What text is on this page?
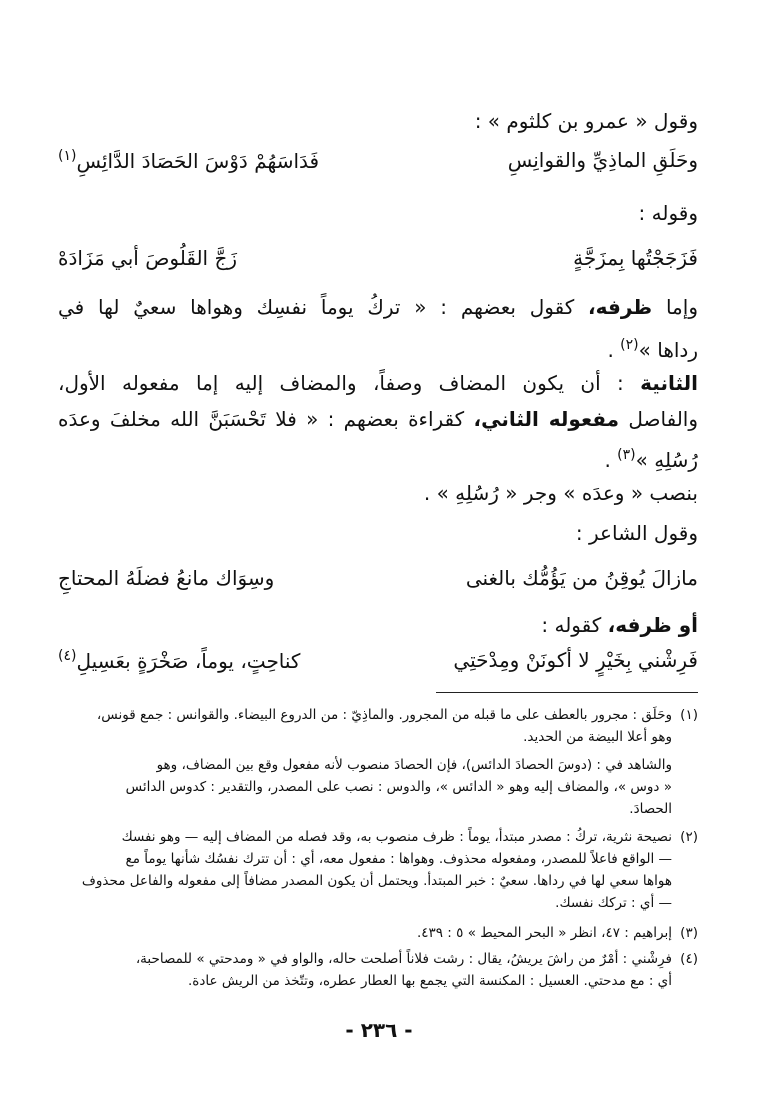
وقول « عمرو بن كلثوم » :
وحَلَقِ الماذِيِّ والقوانِسِ
فَدَاسَهُمْ دَوْسَ الحَصَادَ الدَّائِسِ$^{(١)}$
وقوله :
فَزَجَجْتُها بِمزَجَّةٍ
زَجَّ القَلُوصَ أبي مَزَادَهْ
وإما ظرفه، كقول بعضهم : « تركُ يوماً نفسِك وهواها سعيٌ لها في
رداها »$^{(٢)}$ .
الثانية : أن يكون المضاف وصفاً، والمضاف إليه إما مفعوله الأول،
والفاصل مفعوله الثاني، كقراءة بعضهم : « فلا تَحْسَبَنَّ الله مخلفَ وعدَه
رُسُلِهِ »$^{(٣)}$ .
بنصب « وعدَه » وجر « رُسُلِهِ » .
وقول الشاعر :
مازالَ يُوقِنُ من يَؤُمُّك بالغنى
وسِوَاك مانعُ فضلَهُ المحتاجِ
أو ظرفه، كقوله :
فَرِشْني بِخَيْرٍ لا أكونَنْ ومِدْحَتِي
كناحِتٍ، يوماً، صَخْرَةٍ بعَسِيلِ$^{(٤)}$
(١)وحَلَق : مجرور بالعطف على ما قبله من المجرور. والماذِيّ : من الدروع البيضاء. والقوانس : جمع قونس،
وهو أعلا البيضة من الحديد.
والشاهد في : (دوسَ الحصادَ الدائس)، فإن الحصادَ منصوب لأنه مفعول وقع بين المضاف، وهو
« دوس »، والمضاف إليه وهو « الدائس »، والدوس : نصب على المصدر، والتقدير : كدوس الدائس
الحصادَ.
(٢)نصيحة نثرية، تركُ : مصدر مبتدأ، يوماً : ظرف منصوب به، وقد فصله من المضاف إليه — وهو نفسك
— الواقع فاعلاً للمصدر، ومفعوله محذوف. وهواها : مفعول معه، أي : أن تترك نفسُك شأنها يوماً مع
هواها سعي لها في رداها. سعيٌ : خبر المبتدأ. ويحتمل أن يكون المصدر مضافاً إلى مفعوله والفاعل محذوف
— أي : تركك نفسك.
(٣)إبراهيم : ٤٧، انظر « البحر المحيط » ٥ : ٤٣٩.
(٤)فرِشْني : أمْرٌ من راشَ يريشُ، يقال : رشت فلاناً أصلحت حاله، والواو في « ومدحتي » للمصاحبة،
أي : مع مدحتي. العسيل : المكنسة التي يجمع بها العطار عطره، وتتّخذ من الريش عادة.
- ٢٣٦ -
